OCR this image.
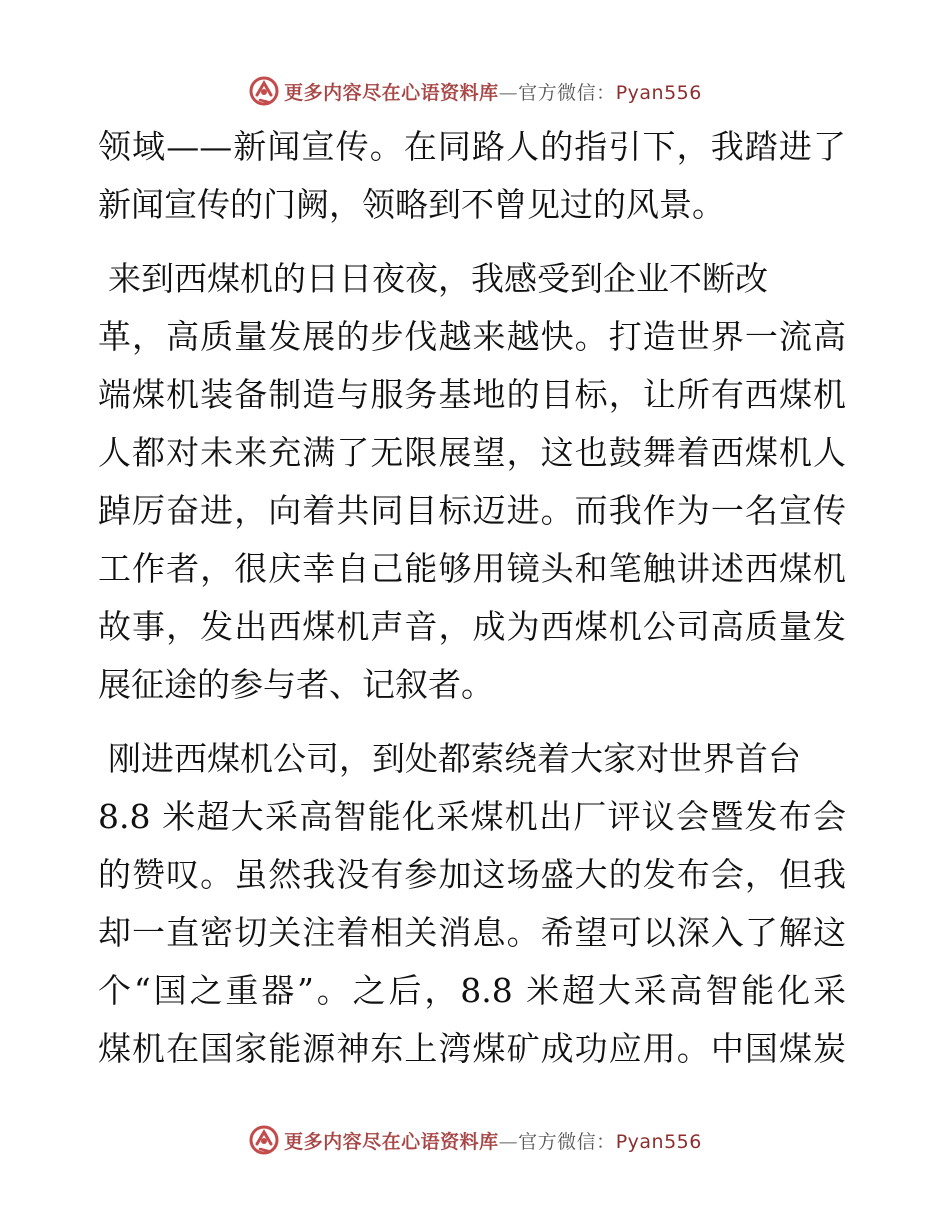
更多内容尽在心语资料库—官方微信：Pyan556
领域——新闻宣传。在同路人的指引下，我踏进了
新闻宣传的门阙，领略到不曾见过的风景。
来到西煤机的日日夜夜，我感受到企业不断改
革，高质量发展的步伐越来越快。打造世界一流高
端煤机装备制造与服务基地的目标，让所有西煤机
人都对未来充满了无限展望，这也鼓舞着西煤机人
踔厉奋进，向着共同目标迈进。而我作为一名宣传
工作者，很庆幸自己能够用镜头和笔触讲述西煤机
故事，发出西煤机声音，成为西煤机公司高质量发
展征途的参与者、记叙者。
刚进西煤机公司，到处都萦绕着大家对世界首台
8.8 米超大采高智能化采煤机出厂评议会暨发布会
的赞叹。虽然我没有参加这场盛大的发布会，但我
却一直密切关注着相关消息。希望可以深入了解这
个“国之重器”。之后，8.8 米超大采高智能化采
煤机在国家能源神东上湾煤矿成功应用。中国煤炭
更多内容尽在心语资料库—官方微信：Pyan556
